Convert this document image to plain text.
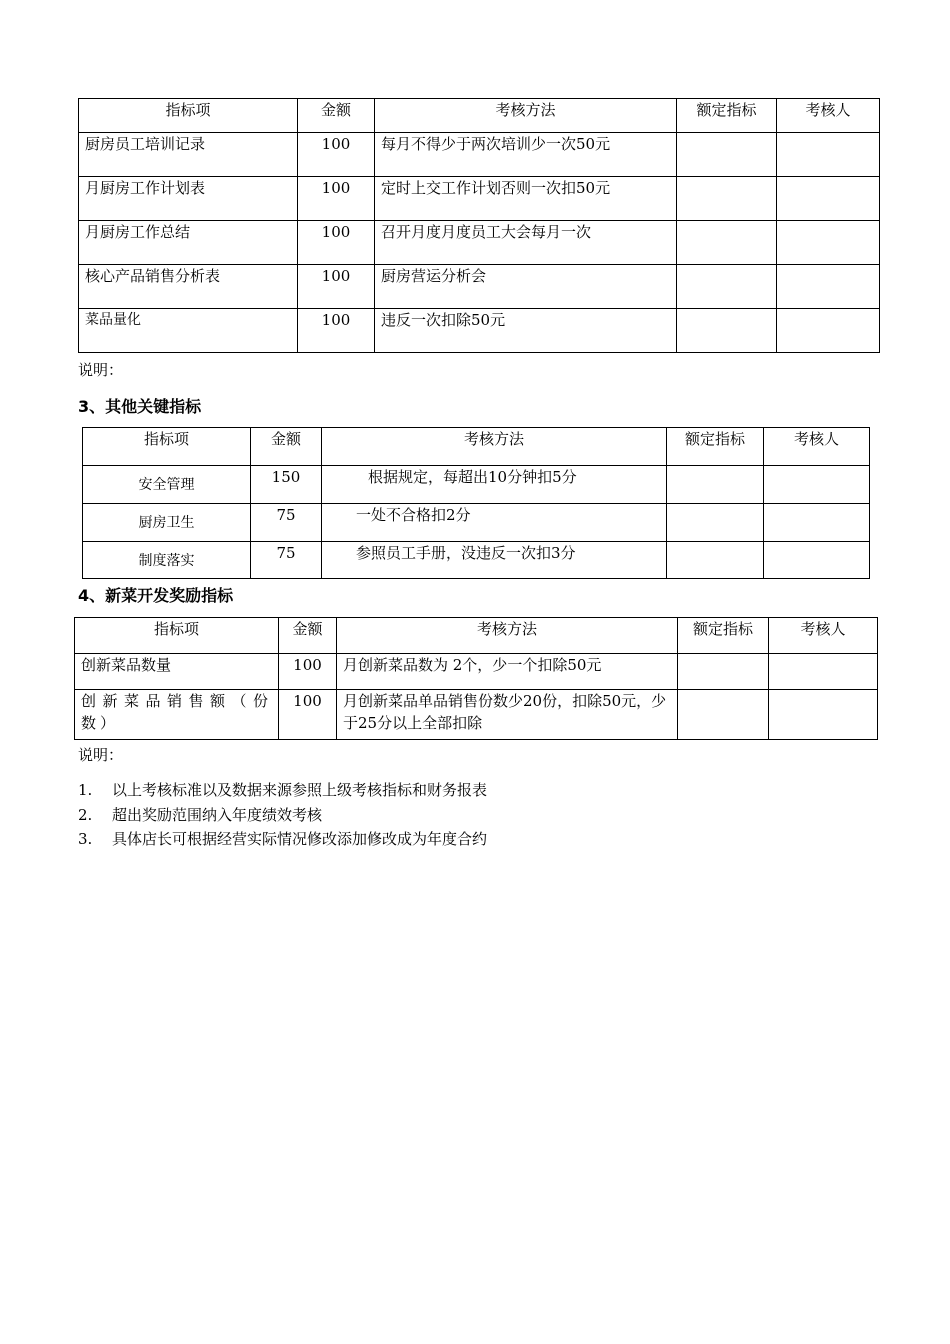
指标项	金额	考核方法	额定指标	考核人
厨房员工培训记录	100	每月不得少于两次培训少一次50元		
月厨房工作计划表	100	定时上交工作计划否则一次扣50元		
月厨房工作总结	100	召开月度月度员工大会每月一次		
核心产品销售分析表	100	厨房营运分析会		
菜品量化	100	违反一次扣除50元		
说明：
3、其他关键指标
指标项	金额	考核方法	额定指标	考核人
安全管理	150	根据规定，每超出10分钟扣5分		
厨房卫生	75	一处不合格扣2分		
制度落实	75	参照员工手册，没违反一次扣3分		
4、新菜开发奖励指标
指标项	金额	考核方法	额定指标	考核人
创新菜品数量	100	月创新菜品数为 2个，少一个扣除50元		
创新菜品销售额（份数）	100	月创新菜品单品销售份数少20份，扣除50元，少于25分以上全部扣除		
说明：
1. 以上考核标准以及数据来源参照上级考核指标和财务报表
2. 超出奖励范围纳入年度绩效考核
3. 具体店长可根据经营实际情况修改添加修改成为年度合约
